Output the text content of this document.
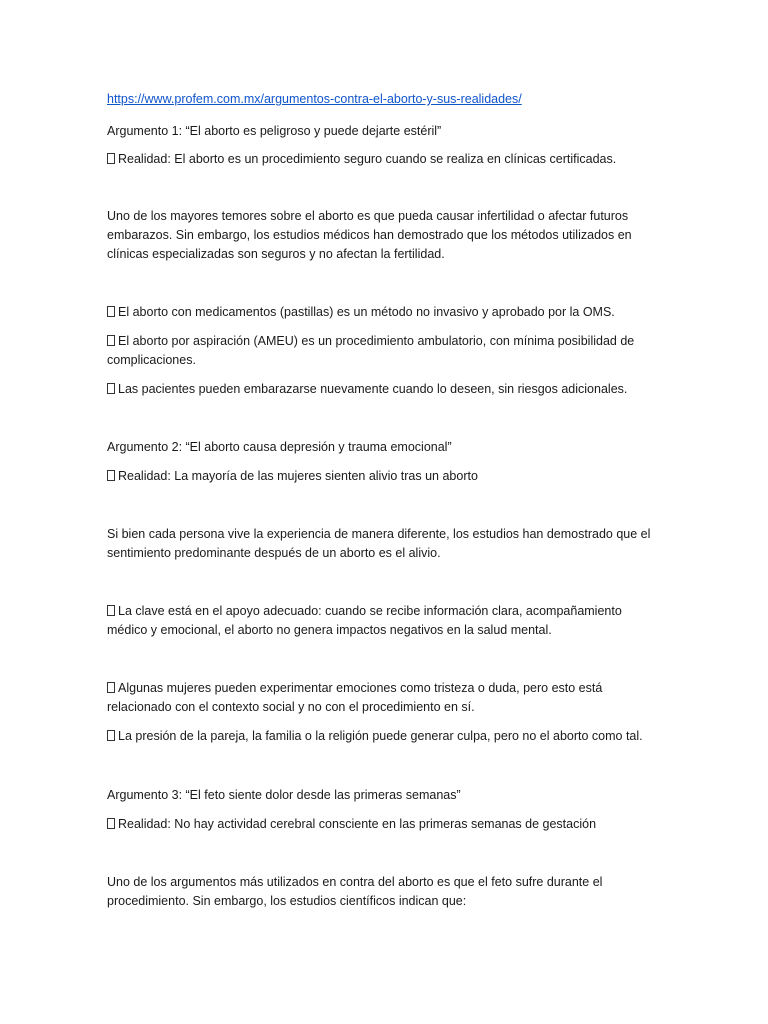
https://www.profem.com.mx/argumentos-contra-el-aborto-y-sus-realidades/

Argumento 1: “El aborto es peligroso y puede dejarte estéril”

Realidad: El aborto es un procedimiento seguro cuando se realiza en clínicas certificadas.

Uno de los mayores temores sobre el aborto es que pueda causar infertilidad o afectar futuros embarazos. Sin embargo, los estudios médicos han demostrado que los métodos utilizados en clínicas especializadas son seguros y no afectan la fertilidad.

El aborto con medicamentos (pastillas) es un método no invasivo y aprobado por la OMS.

El aborto por aspiración (AMEU) es un procedimiento ambulatorio, con mínima posibilidad de complicaciones.

Las pacientes pueden embarazarse nuevamente cuando lo deseen, sin riesgos adicionales.

Argumento 2: “El aborto causa depresión y trauma emocional”

Realidad: La mayoría de las mujeres sienten alivio tras un aborto

Si bien cada persona vive la experiencia de manera diferente, los estudios han demostrado que el sentimiento predominante después de un aborto es el alivio.

La clave está en el apoyo adecuado: cuando se recibe información clara, acompañamiento médico y emocional, el aborto no genera impactos negativos en la salud mental.

Algunas mujeres pueden experimentar emociones como tristeza o duda, pero esto está relacionado con el contexto social y no con el procedimiento en sí.

La presión de la pareja, la familia o la religión puede generar culpa, pero no el aborto como tal.

Argumento 3: “El feto siente dolor desde las primeras semanas”

Realidad: No hay actividad cerebral consciente en las primeras semanas de gestación

Uno de los argumentos más utilizados en contra del aborto es que el feto sufre durante el procedimiento. Sin embargo, los estudios científicos indican que:
